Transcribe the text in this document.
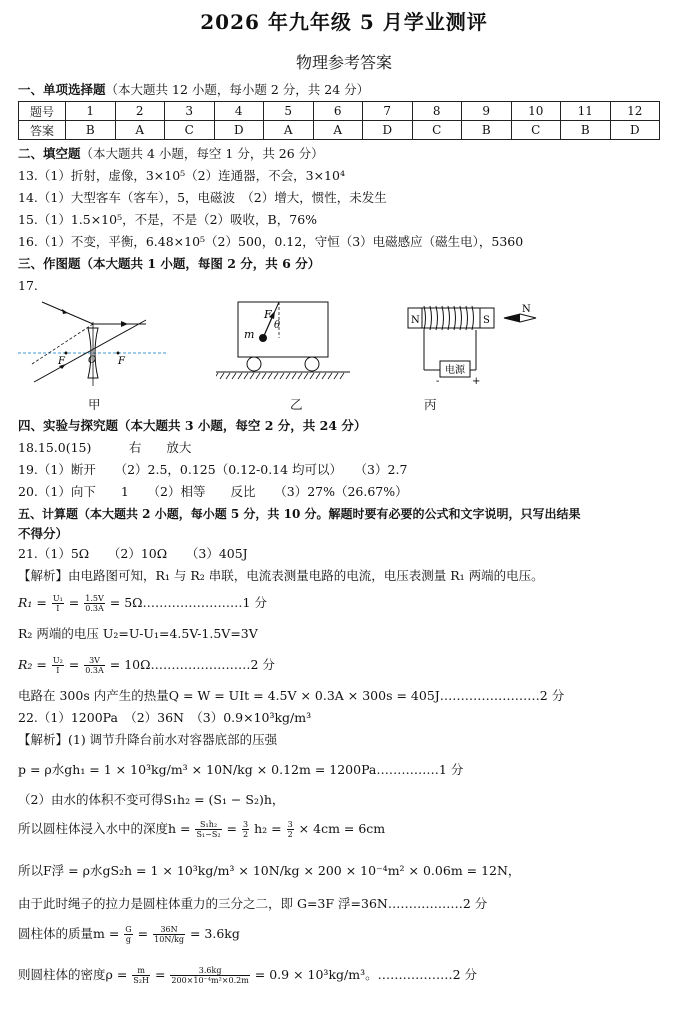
2026 年九年级 5 月学业测评
物理参考答案
一、单项选择题（本大题共 12 小题，每小题 2 分，共 24 分）
题号	1	2	3	4	5	6	7	8	9	10	11	12
答案	B	A	C	D	A	A	D	C	B	C	B	D
二、填空题（本大题共 4 小题，每空 1 分，共 26 分）
13.（1）折射，虚像，3×10⁵（2）连通器，不会，3×10⁴
14.（1）大型客车（客车），5，电磁波　（2）增大，惯性，未发生
15.（1）1.5×10⁵，不是，不是（2）吸收，B，76%
16.（1）不变，平衡，6.48×10⁵（2）500，0.12，守恒（3）电磁感应（磁生电），5360
三、作图题（本大题共 1 小题，每图 2 分，共 6 分）
17.
F	F
O
甲
F
θ
m
乙
电源
-	+
N	S
N
丙
四、实验与探究题（本大题共 3 小题，每空 2 分，共 24 分）
18.15.0(15)　　　右　　放大
19.（1）断开　　（2）2.5，0.125（0.12-0.14 均可以）　　（3）2.7
20.（1）向下　　1　　（2）相等　　反比　　（3）27%（26.67%）
五、计算题（本大题共 2 小题，每小题 5 分，共 10 分。解题时要有必要的公式和文字说明，只写出结果
不得分）
21.（1）5Ω　　（2）10Ω　　（3）405J
【解析】由电路图可知，R₁ 与 R₂ 串联，电流表测量电路的电流，电压表测量 R₁ 两端的电压。
$R_1 = \frac{\text{U₁}}{I} = \frac{1.5V}{0.3A}$ = 5Ω……………………1 分
R₂ 两端的电压 U₂=U-U₁=4.5V-1.5V=3V
$R_2 = \frac{\text{U₂}}{I} = \frac{3V}{0.3A}$ = 10Ω……………………2 分
电路在 300s 内产生的热量Q = W = UIt = 4.5V × 0.3A × 300s = 405J……………………2 分
22.（1）1200Pa　（2）36N　（3）0.9×10³kg/m³
【解析】(1) 调节升降台前水对容器底部的压强
p = ρ水gh₁ = 1 × 10³kg/m³ × 10N/kg × 0.12m = 1200Pa……………1 分
（2）由水的体积不变可得S₁h₂ = (S₁ − S₂)h，
所以圆柱体浸入水中的深度$h = \frac{\text{S₁h₂}}{\text{S₁−S₂}} = \frac{3}{2} h_2 = \frac{3}{2} \times 4cm = 6cm$
所以F浮 = ρ水gS₂h = 1 × 10³kg/m³ × 10N/kg × 200 × 10⁻⁴m² × 0.06m = 12N，
由于此时绳子的拉力是圆柱体重力的三分之二，即 G=3F 浮=36N………………2 分
圆柱体的质量$m = \frac{G}{g} = \frac{36N}{10N/kg} = 3.6kg$
则圆柱体的密度$\rho = \frac{m}{\text{S₂H}} = \frac{3.6kg}{\text{200×10⁻⁴m²×0.2m}} = 0.9 \times 10^3kg/m^3$。………………2 分
